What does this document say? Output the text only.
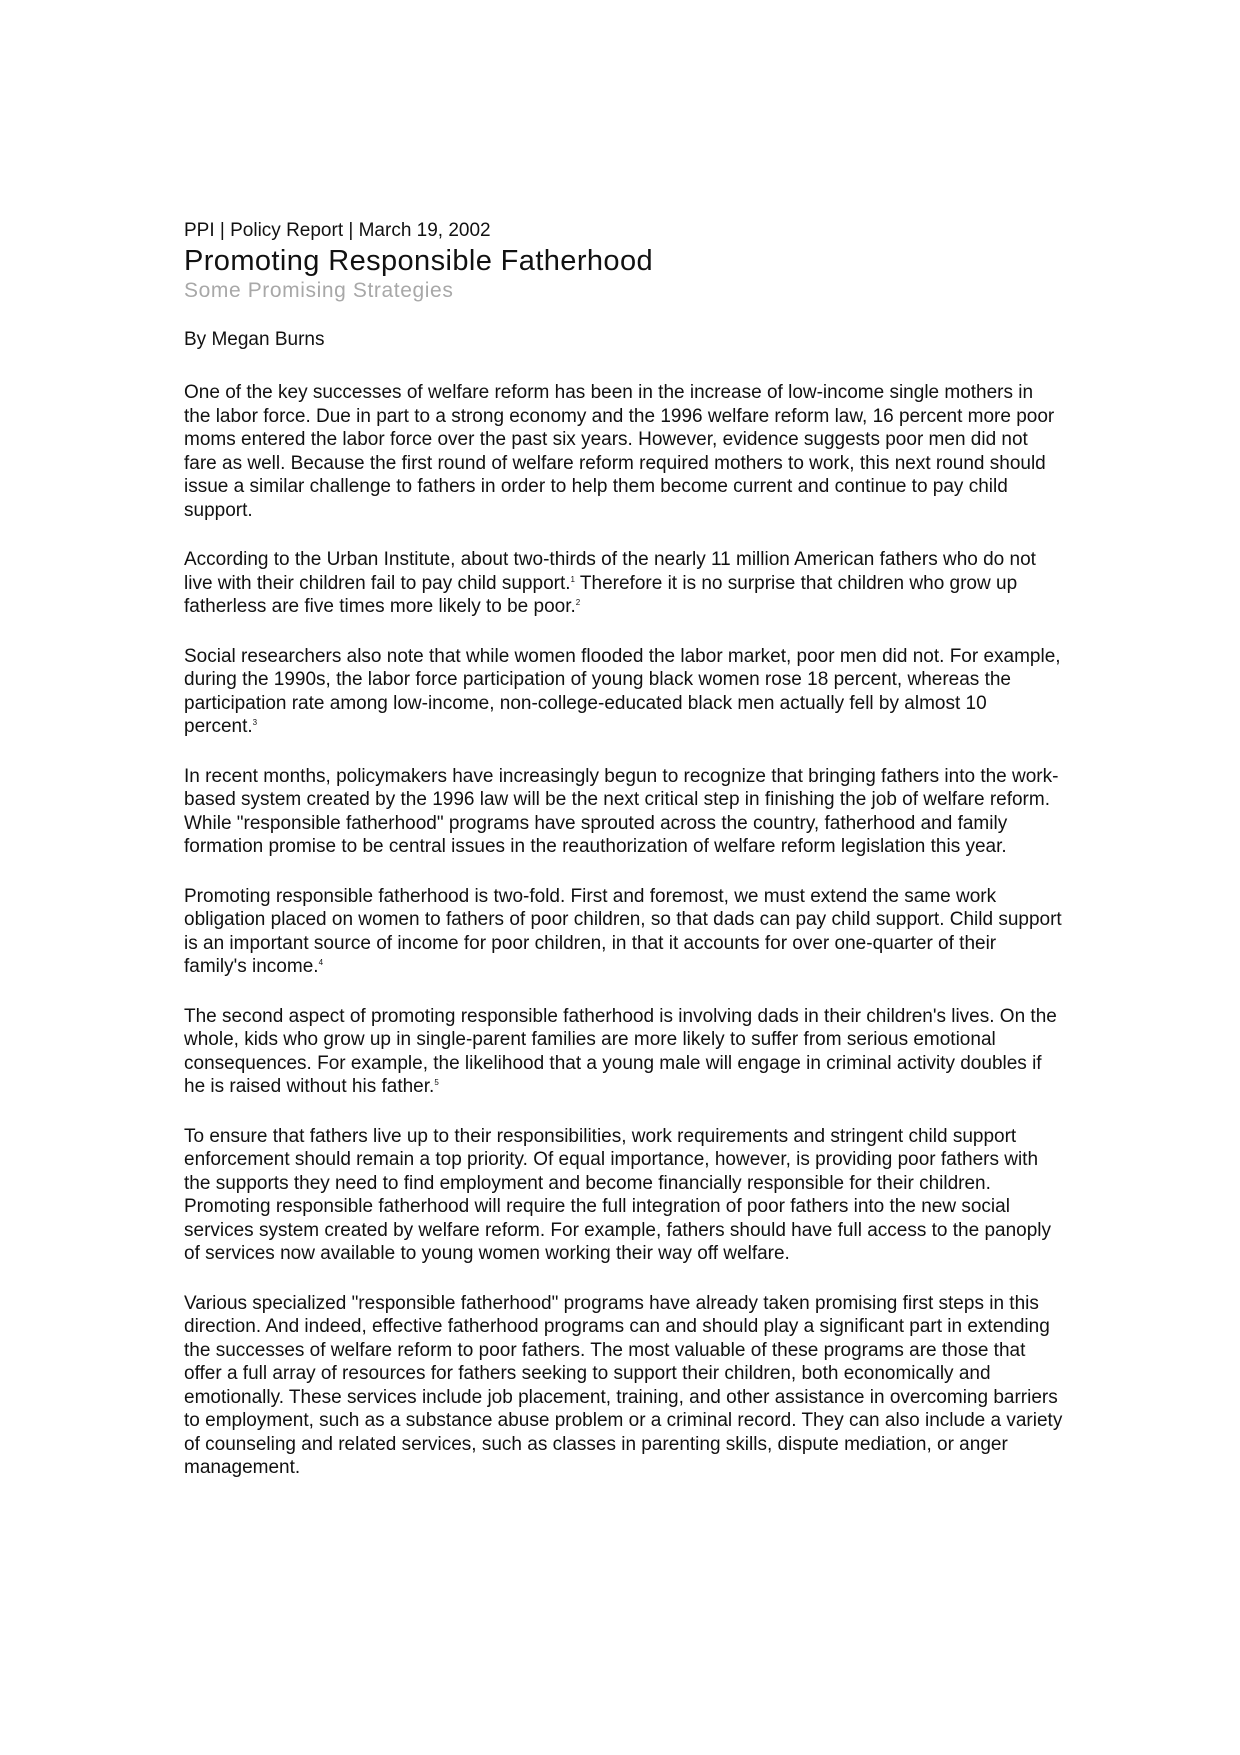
PPI | Policy Report | March 19, 2002

Promoting Responsible Fatherhood

Some Promising Strategies

By Megan Burns

One of the key successes of welfare reform has been in the increase of low-income single mothers in the labor force. Due in part to a strong economy and the 1996 welfare reform law, 16 percent more poor moms entered the labor force over the past six years. However, evidence suggests poor men did not fare as well. Because the first round of welfare reform required mothers to work, this next round should issue a similar challenge to fathers in order to help them become current and continue to pay child support.

According to the Urban Institute, about two-thirds of the nearly 11 million American fathers who do not live with their children fail to pay child support.$^1$ Therefore it is no surprise that children who grow up fatherless are five times more likely to be poor.$^2$

Social researchers also note that while women flooded the labor market, poor men did not. For example, during the 1990s, the labor force participation of young black women rose 18 percent, whereas the participation rate among low-income, non-college-educated black men actually fell by almost 10 percent.$^3$

In recent months, policymakers have increasingly begun to recognize that bringing fathers into the work-based system created by the 1996 law will be the next critical step in finishing the job of welfare reform. While "responsible fatherhood" programs have sprouted across the country, fatherhood and family formation promise to be central issues in the reauthorization of welfare reform legislation this year.

Promoting responsible fatherhood is two-fold. First and foremost, we must extend the same work obligation placed on women to fathers of poor children, so that dads can pay child support. Child support is an important source of income for poor children, in that it accounts for over one-quarter of their family's income.$^4$

The second aspect of promoting responsible fatherhood is involving dads in their children's lives. On the whole, kids who grow up in single-parent families are more likely to suffer from serious emotional consequences. For example, the likelihood that a young male will engage in criminal activity doubles if he is raised without his father.$^5$

To ensure that fathers live up to their responsibilities, work requirements and stringent child support enforcement should remain a top priority. Of equal importance, however, is providing poor fathers with the supports they need to find employment and become financially responsible for their children. Promoting responsible fatherhood will require the full integration of poor fathers into the new social services system created by welfare reform. For example, fathers should have full access to the panoply of services now available to young women working their way off welfare.

Various specialized "responsible fatherhood" programs have already taken promising first steps in this direction. And indeed, effective fatherhood programs can and should play a significant part in extending the successes of welfare reform to poor fathers. The most valuable of these programs are those that offer a full array of resources for fathers seeking to support their children, both economically and emotionally. These services include job placement, training, and other assistance in overcoming barriers to employment, such as a substance abuse problem or a criminal record. They can also include a variety of counseling and related services, such as classes in parenting skills, dispute mediation, or anger management.
